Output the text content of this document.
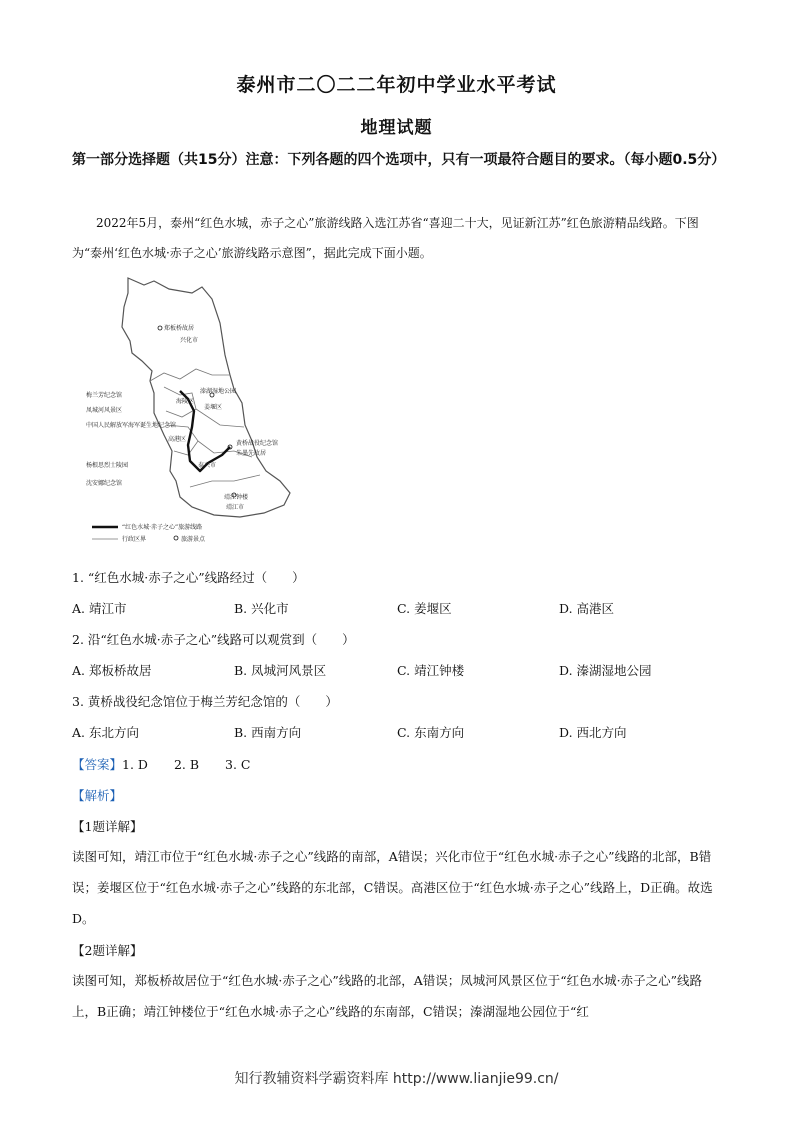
泰州市二〇二二年初中学业水平考试
地理试题
第一部分选择题（共15分）注意：下列各题的四个选项中，只有一项最符合题目的要求。（每小题0.5分）
2022年5月，泰州“红色水城，赤子之心”旅游线路入选江苏省“喜迎二十大，见证新江苏”红色旅游精品线路。下图为“泰州‘红色水城·赤子之心’旅游线路示意图”，据此完成下面小题。
郑板桥故居
兴化市
溱湖湿地公园
姜堰区
梅兰芳纪念馆
海陵区
凤城河风景区
中国人民解放军海军诞生地纪念馆
高港区
黄桥战役纪念馆
朱墨先故居
杨根思烈士陵园	泰兴市
沈安娜纪念馆
靖江钟楼
靖江市
“红色水城·赤子之心”旅游线路
行政区界	旅游景点
1. “红色水城·赤子之心”线路经过（　　）
A. 靖江市	B. 兴化市	C. 姜堰区	D. 高港区
2. 沿“红色水城·赤子之心”线路可以观赏到（　　）
A. 郑板桥故居	B. 凤城河风景区	C. 靖江钟楼	D. 溱湖湿地公园
3. 黄桥战役纪念馆位于梅兰芳纪念馆的（　　）
A. 东北方向	B. 西南方向	C. 东南方向	D. 西北方向
【答案】1. D 2. B 3. C
【解析】
【1题详解】
读图可知，靖江市位于“红色水城·赤子之心”线路的南部，A错误；兴化市位于“红色水城·赤子之心”线路的北部，B错误；姜堰区位于“红色水城·赤子之心”线路的东北部，C错误。高港区位于“红色水城·赤子之心”线路上，D正确。故选D。
【2题详解】
读图可知，郑板桥故居位于“红色水城·赤子之心”线路的北部，A错误；凤城河风景区位于“红色水城·赤子之心”线路上，B正确；靖江钟楼位于“红色水城·赤子之心”线路的东南部，C错误；溱湖湿地公园位于“红
知行教辅资料学霸资料库 http://www.lianjie99.cn/
